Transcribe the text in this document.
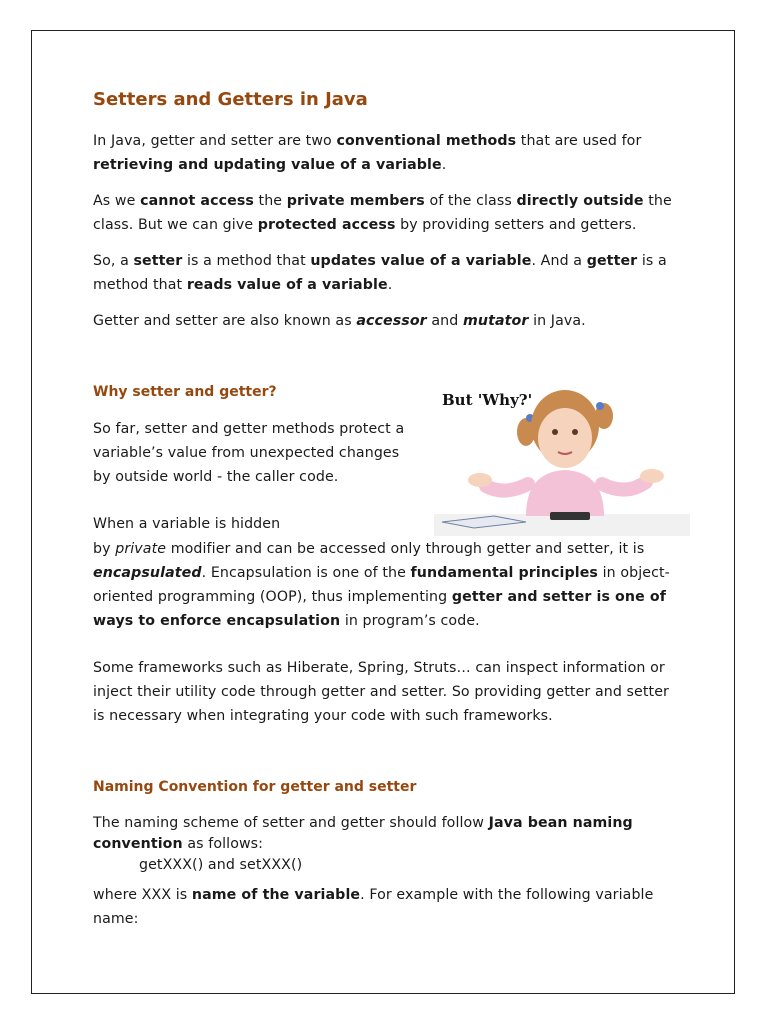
Setters and Getters in Java
In Java, getter and setter are two conventional methods that are used for
retrieving and updating value of a variable.
As we cannot access the private members of the class directly outside the class. But we can give protected access by providing setters and getters.
So, a setter is a method that updates value of a variable. And a getter is a method that reads value of a variable.
Getter and setter are also known as accessor and mutator in Java.
Why setter and getter?
So far, setter and getter methods protect a
variable’s value from unexpected changes
by outside world - the caller code.
When a variable is hidden
by private modifier and can be accessed only through getter and setter, it is encapsulated. Encapsulation is one of the fundamental principles in object-oriented programming (OOP), thus implementing getter and setter is one of ways to enforce encapsulation in program’s code.
Some frameworks such as Hiberate, Spring, Struts… can inspect information or inject their utility code through getter and setter. So providing getter and setter is necessary when integrating your code with such frameworks.
But 'Why?'
Naming Convention for getter and setter
The naming scheme of setter and getter should follow Java bean naming convention as follows:
getXXX() and setXXX()
where XXX is name of the variable. For example with the following variable name:
